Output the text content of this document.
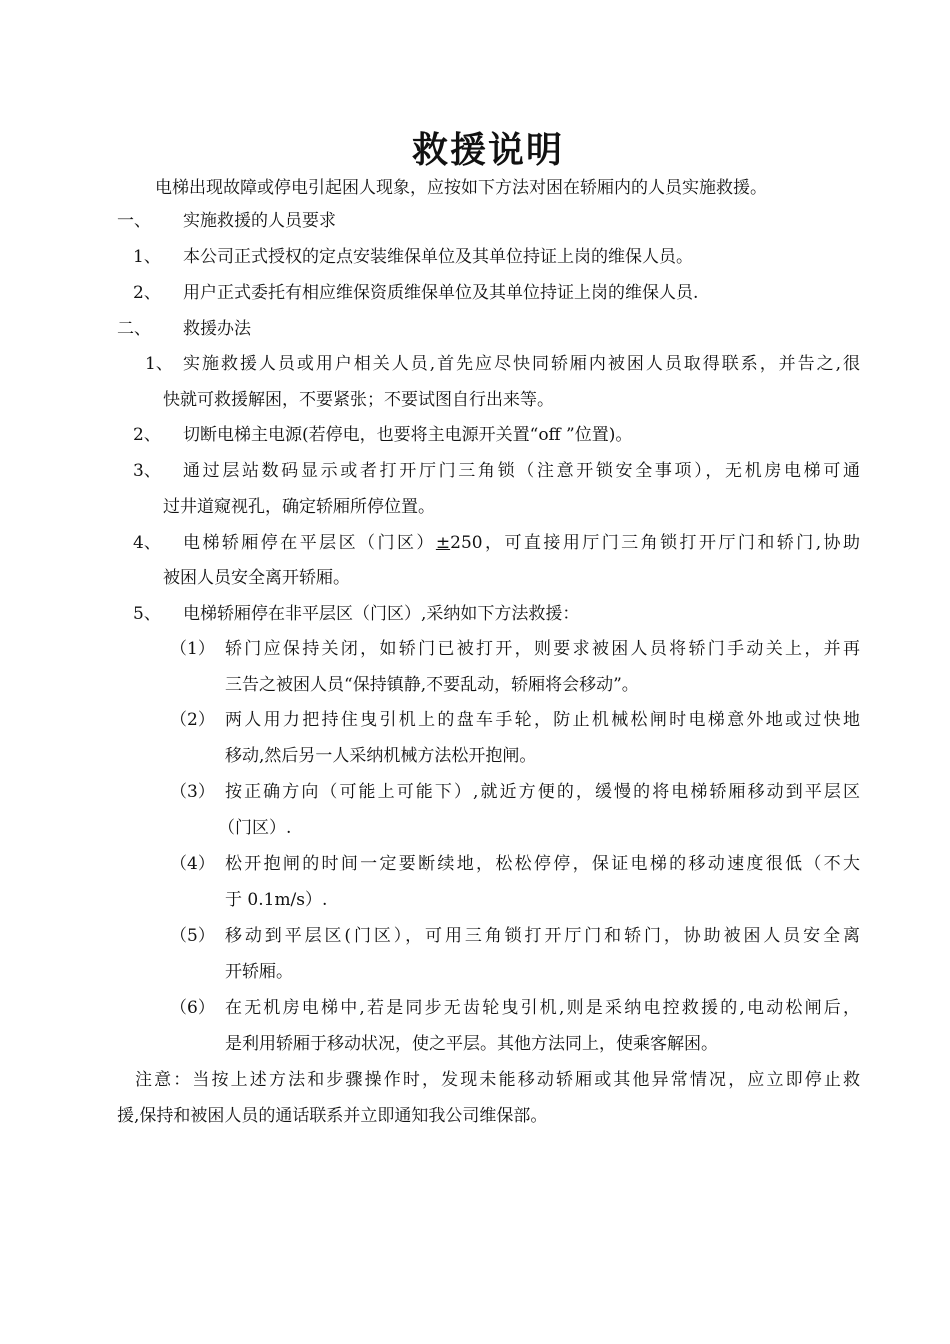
救援说明
电梯出现故障或停电引起困人现象，应按如下方法对困在轿厢内的人员实施救援。
一、 实施救援的人员要求
1、 本公司正式授权的定点安装维保单位及其单位持证上岗的维保人员。
2、 用户正式委托有相应维保资质维保单位及其单位持证上岗的维保人员.
二、 救援办法
1、 实施救援人员或用户相关人员,首先应尽快同轿厢内被困人员取得联系，并告之,很
快就可救援解困，不要紧张；不要试图自行出来等。
2、 切断电梯主电源(若停电，也要将主电源开关置“off ”位置)。
3、 通过层站数码显示或者打开厅门三角锁（注意开锁安全事项），无机房电梯可通
过井道窥视孔，确定轿厢所停位置。
4、 电梯轿厢停在平层区（门区）±250，可直接用厅门三角锁打开厅门和轿门,协助
被困人员安全离开轿厢。
5、 电梯轿厢停在非平层区（门区）,采纳如下方法救援：
（1） 轿门应保持关闭，如轿门已被打开，则要求被困人员将轿门手动关上，并再
三告之被困人员“保持镇静,不要乱动，轿厢将会移动”。
（2） 两人用力把持住曳引机上的盘车手轮，防止机械松闸时电梯意外地或过快地
移动,然后另一人采纳机械方法松开抱闸。
（3） 按正确方向（可能上可能下）,就近方便的，缓慢的将电梯轿厢移动到平层区
（门区）.
（4） 松开抱闸的时间一定要断续地，松松停停，保证电梯的移动速度很低（不大
于 0.1m/s）.
（5） 移动到平层区(门区），可用三角锁打开厅门和轿门，协助被困人员安全离
开轿厢。
（6） 在无机房电梯中,若是同步无齿轮曳引机,则是采纳电控救援的,电动松闸后，
是利用轿厢于移动状况，使之平层。其他方法同上，使乘客解困。
注意：当按上述方法和步骤操作时，发现未能移动轿厢或其他异常情况，应立即停止救
援,保持和被困人员的通话联系并立即通知我公司维保部。
